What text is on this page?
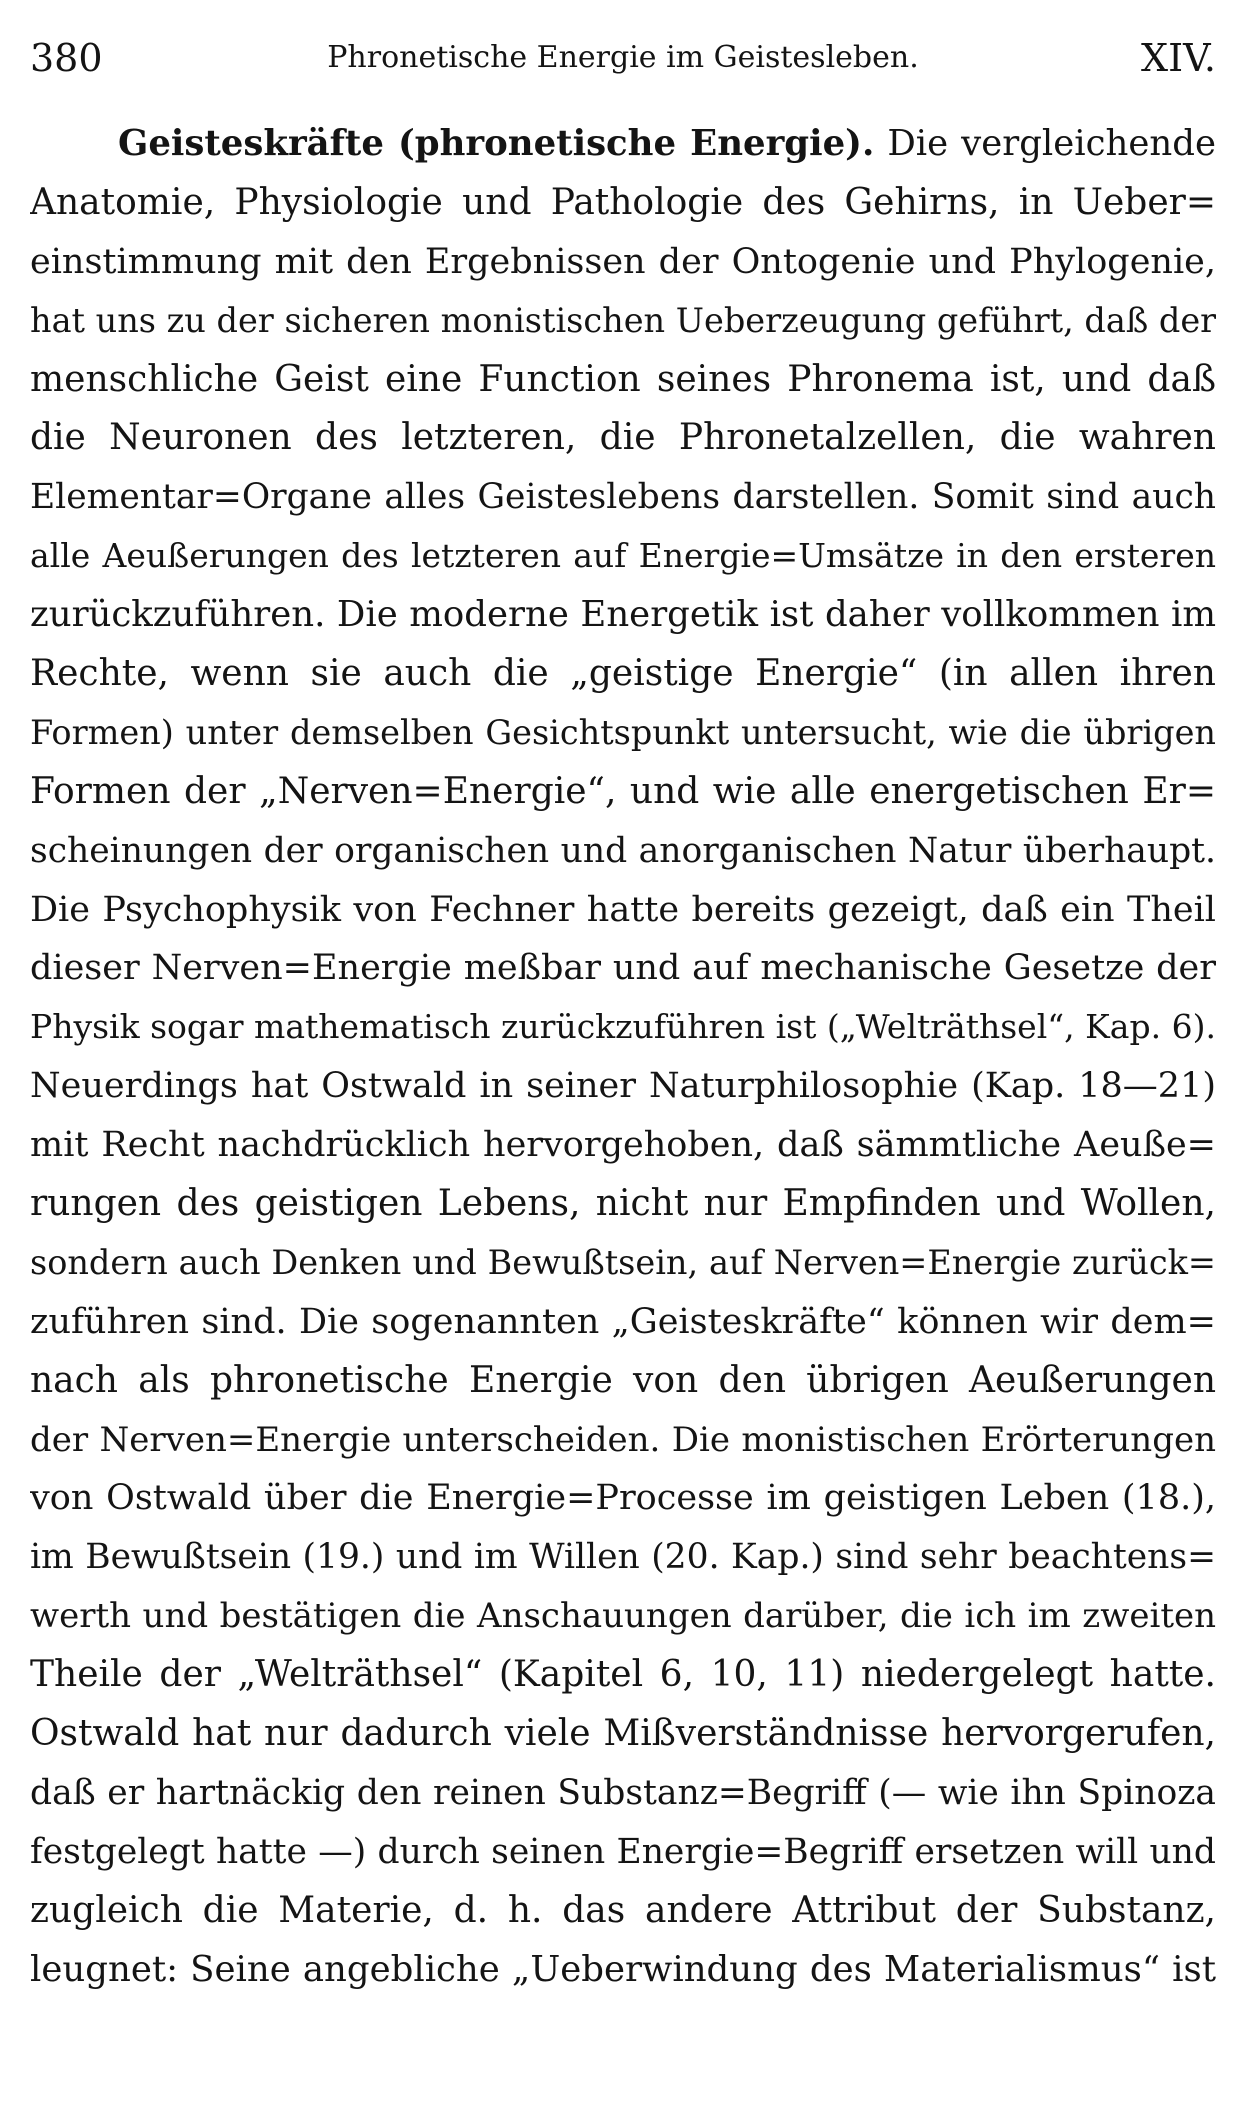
380	Phronetische Energie im Geistesleben.	XIV.
Geisteskräfte (phronetische Energie). Die vergleichende
Anatomie, Physiologie und Pathologie des Gehirns, in Ueber=
einstimmung mit den Ergebnissen der Ontogenie und Phylogenie,
hat uns zu der sicheren monistischen Ueberzeugung geführt, daß der
menschliche Geist eine Function seines Phronema ist, und daß
die Neuronen des letzteren, die Phronetalzellen, die wahren
Elementar=Organe alles Geisteslebens darstellen. Somit sind auch
alle Aeußerungen des letzteren auf Energie=Umsätze in den ersteren
zurückzuführen. Die moderne Energetik ist daher vollkommen im
Rechte, wenn sie auch die „geistige Energie“ (in allen ihren
Formen) unter demselben Gesichtspunkt untersucht, wie die übrigen
Formen der „Nerven=Energie“, und wie alle energetischen Er=
scheinungen der organischen und anorganischen Natur überhaupt.
Die Psychophysik von Fechner hatte bereits gezeigt, daß ein Theil
dieser Nerven=Energie meßbar und auf mechanische Gesetze der
Physik sogar mathematisch zurückzuführen ist („Welträthsel“, Kap. 6).
Neuerdings hat Ostwald in seiner Naturphilosophie (Kap. 18—21)
mit Recht nachdrücklich hervorgehoben, daß sämmtliche Aeuße=
rungen des geistigen Lebens, nicht nur Empfinden und Wollen,
sondern auch Denken und Bewußtsein, auf Nerven=Energie zurück=
zuführen sind. Die sogenannten „Geisteskräfte“ können wir dem=
nach als phronetische Energie von den übrigen Aeußerungen
der Nerven=Energie unterscheiden. Die monistischen Erörterungen
von Ostwald über die Energie=Processe im geistigen Leben (18.),
im Bewußtsein (19.) und im Willen (20. Kap.) sind sehr beachtens=
werth und bestätigen die Anschauungen darüber, die ich im zweiten
Theile der „Welträthsel“ (Kapitel 6, 10, 11) niedergelegt hatte.
Ostwald hat nur dadurch viele Mißverständnisse hervorgerufen,
daß er hartnäckig den reinen Substanz=Begriff (— wie ihn Spinoza
festgelegt hatte —) durch seinen Energie=Begriff ersetzen will und
zugleich die Materie, d. h. das andere Attribut der Substanz,
leugnet: Seine angebliche „Ueberwindung des Materialismus“ ist
